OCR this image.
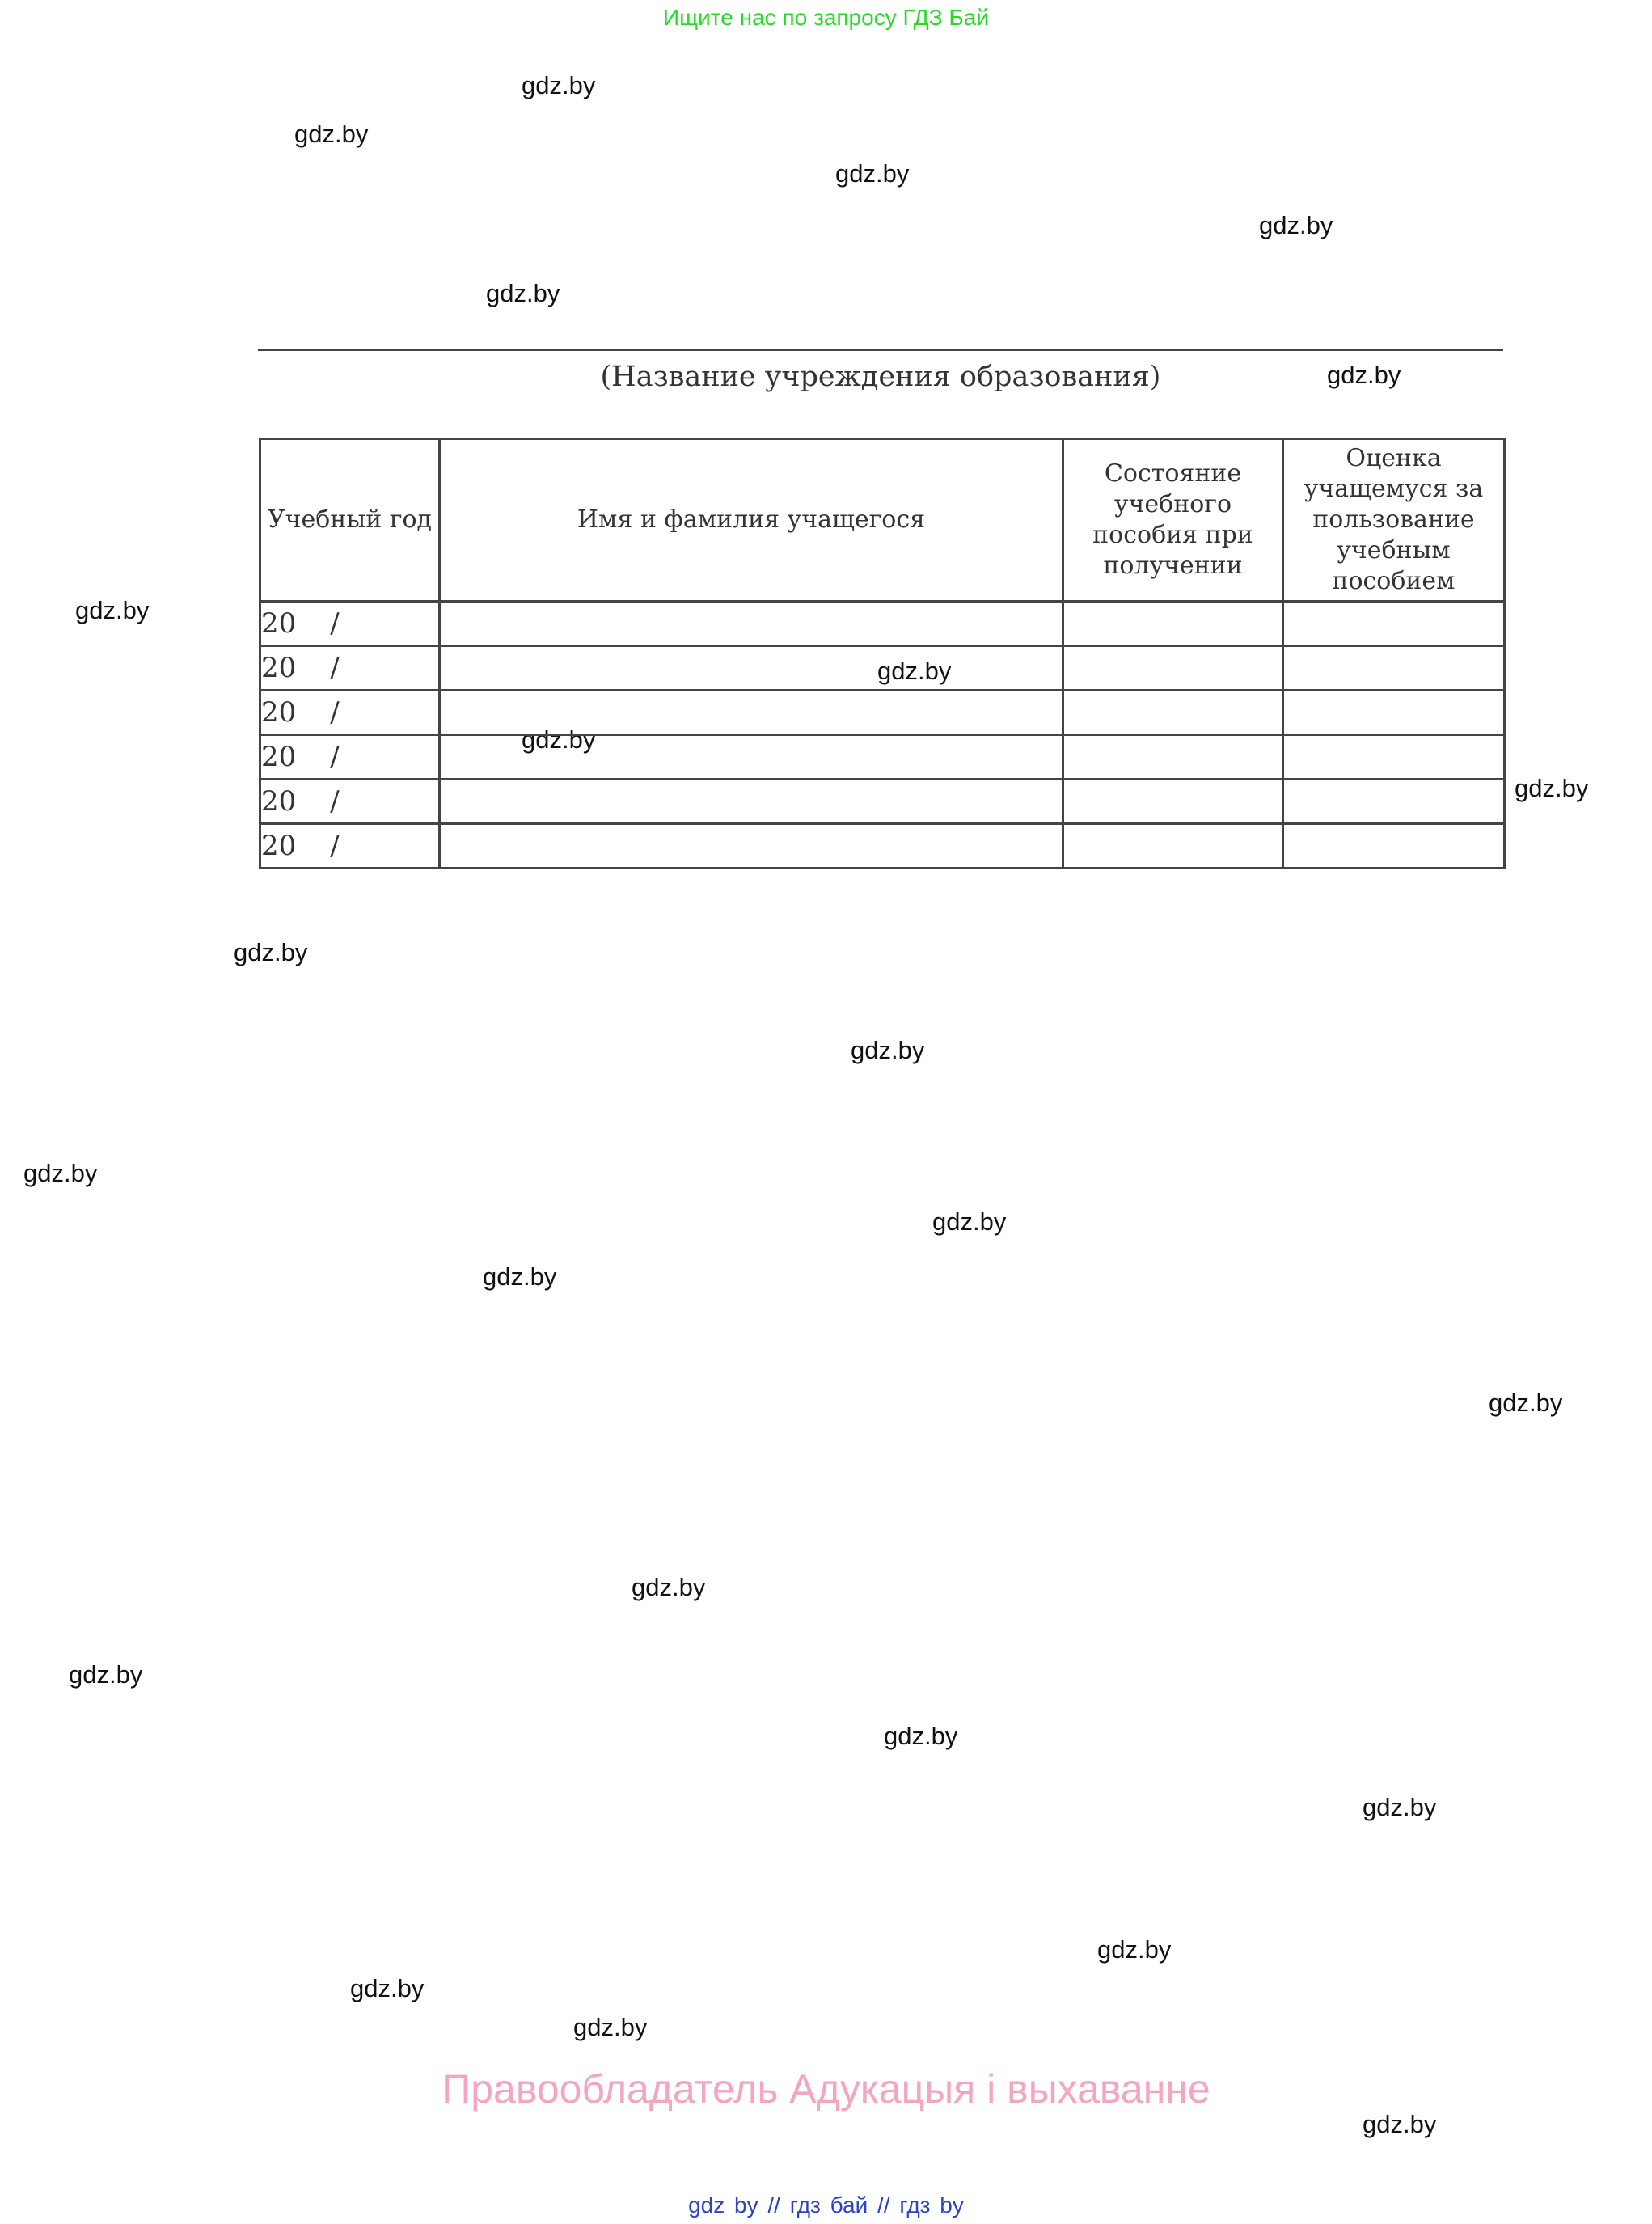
Ищите нас по запросу ГДЗ Бай
gdz.by
gdz.by
gdz.by
gdz.by
gdz.by
gdz.by
gdz.by
gdz.by
gdz.by
gdz.by
gdz.by
gdz.by
gdz.by
gdz.by
gdz.by
gdz.by
gdz.by
gdz.by
gdz.by
gdz.by
gdz.by
gdz.by
gdz.by
gdz.by
(Название учреждения образования)
Учебный год	Имя и фамилия учащегося	Состояние учебного пособия при получении	Оценка учащемуся за пользование учебным пособием
20 /			
20 /			
20 /			
20 /			
20 /			
20 /			
Правообладатель Адукацыя і выхаванне
gdz by // гдз бай // гдз by
